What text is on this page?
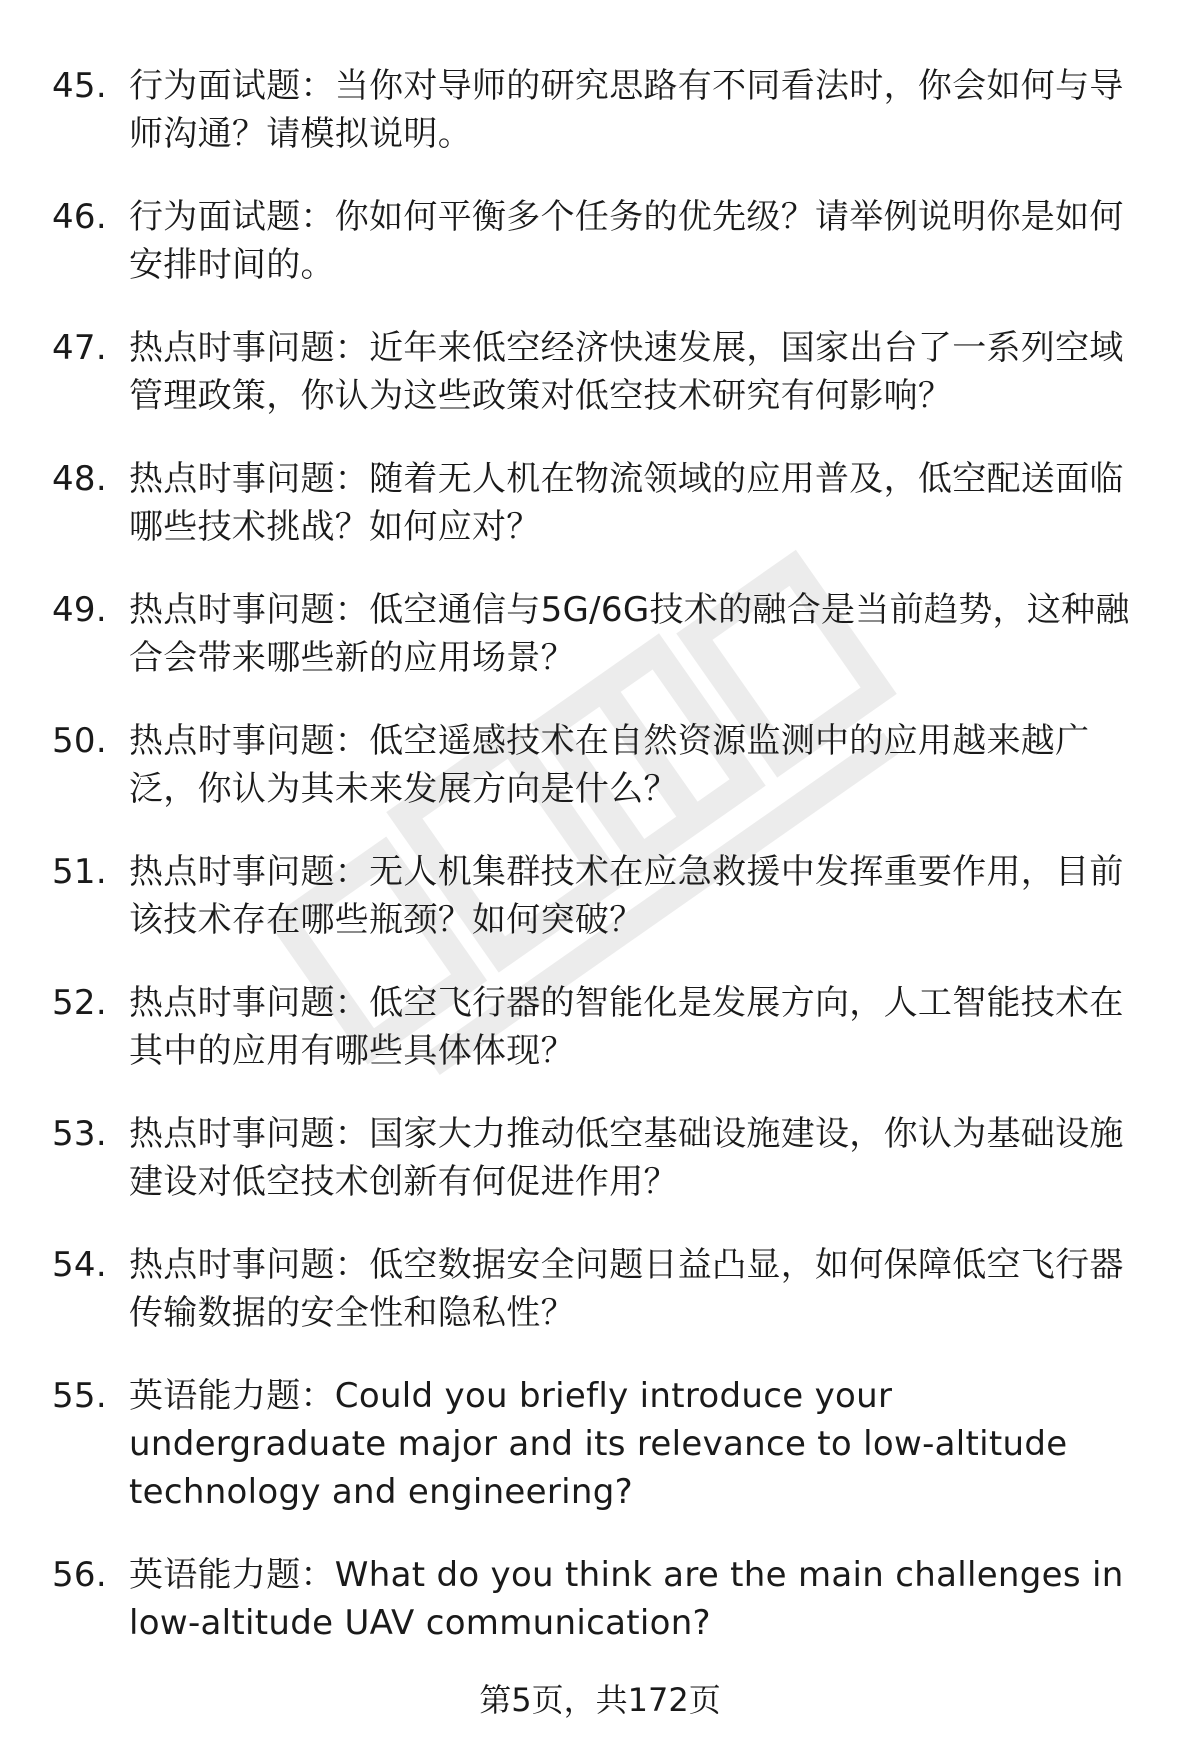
45. 行为面试题：当你对导师的研究思路有不同看法时，你会如何与导师沟通？请模拟说明。
46. 行为面试题：你如何平衡多个任务的优先级？请举例说明你是如何安排时间的。
47. 热点时事问题：近年来低空经济快速发展，国家出台了一系列空域管理政策，你认为这些政策对低空技术研究有何影响？
48. 热点时事问题：随着无人机在物流领域的应用普及，低空配送面临哪些技术挑战？如何应对？
49. 热点时事问题：低空通信与5G/6G技术的融合是当前趋势，这种融合会带来哪些新的应用场景？
50. 热点时事问题：低空遥感技术在自然资源监测中的应用越来越广泛，你认为其未来发展方向是什么？
51. 热点时事问题：无人机集群技术在应急救援中发挥重要作用，目前该技术存在哪些瓶颈？如何突破？
52. 热点时事问题：低空飞行器的智能化是发展方向，人工智能技术在其中的应用有哪些具体体现？
53. 热点时事问题：国家大力推动低空基础设施建设，你认为基础设施建设对低空技术创新有何促进作用？
54. 热点时事问题：低空数据安全问题日益凸显，如何保障低空飞行器传输数据的安全性和隐私性？
55. 英语能力题：Could you briefly introduce your undergraduate major and its relevance to low-altitude technology and engineering?
56. 英语能力题：What do you think are the main challenges in low-altitude UAV communication?
第5页，共172页
